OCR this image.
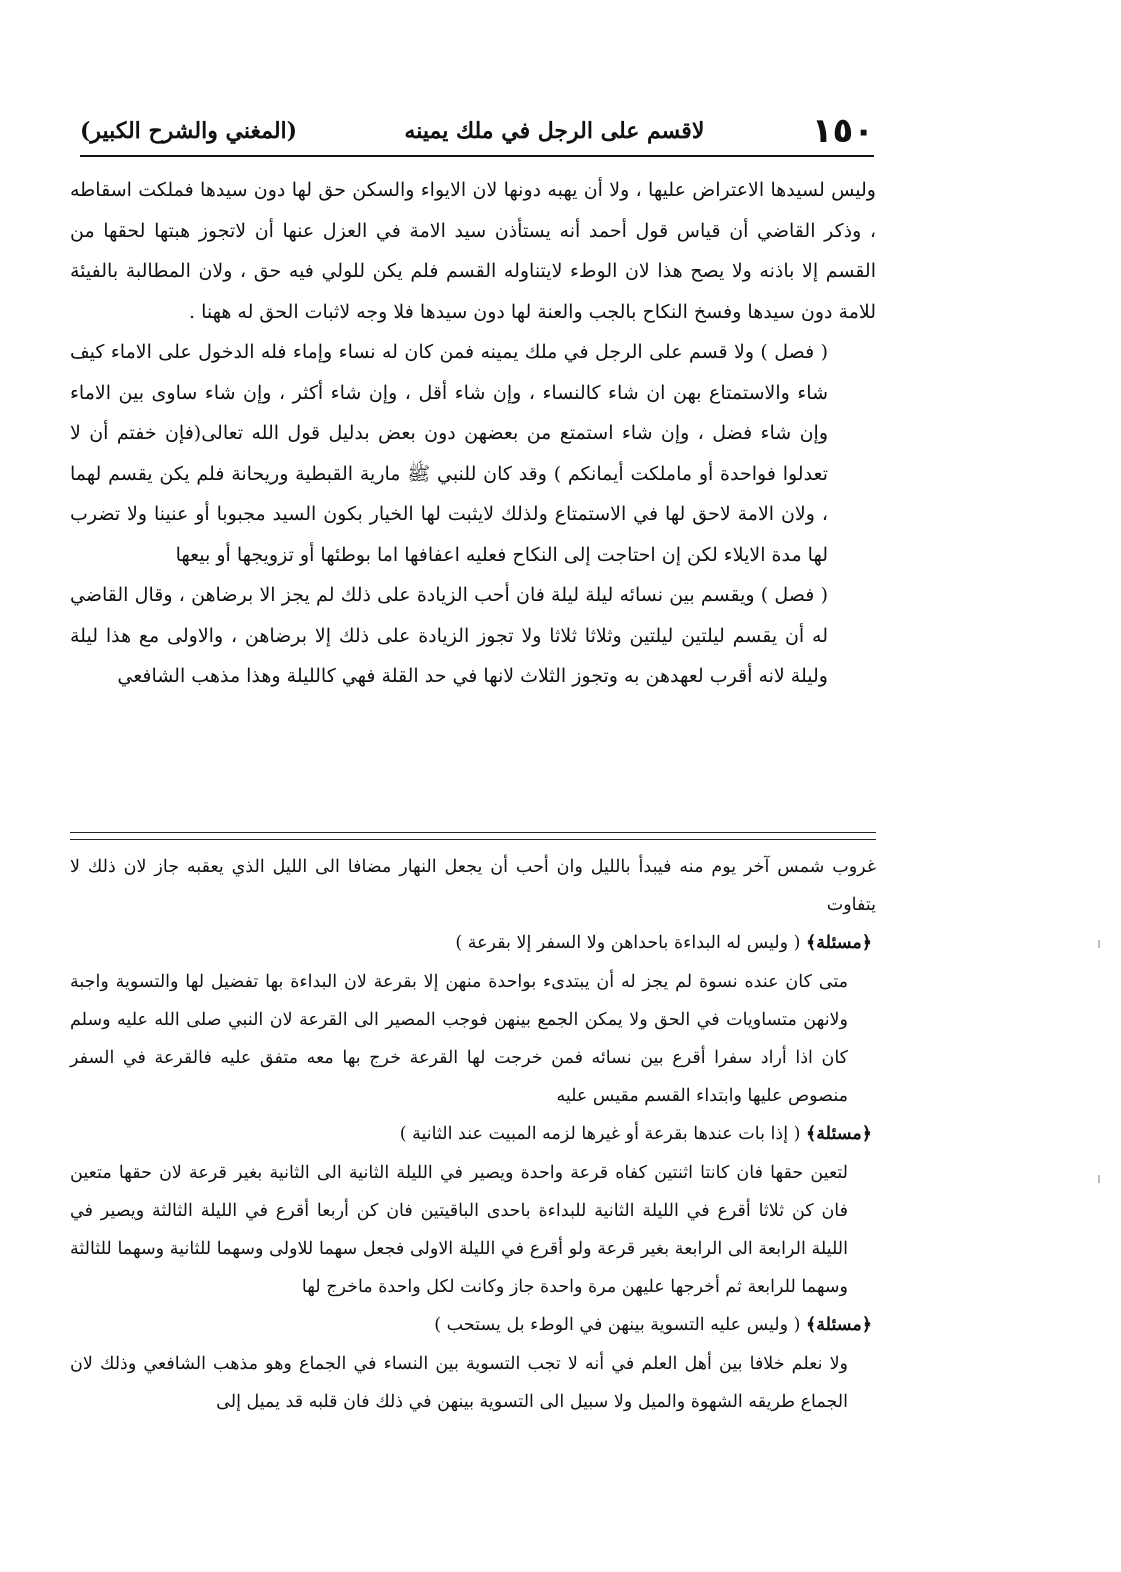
١٥٠
لاقسم على الرجل في ملك يمينه
(المغني والشرح الكبير)

وليس لسيدها الاعتراض عليها ، ولا أن يهبه دونها لان الايواء والسكن حق لها دون سيدها فملكت اسقاطه ، وذكر القاضي أن قياس قول أحمد أنه يستأذن سيد الامة في العزل عنها أن لاتجوز هبتها لحقها من القسم إلا باذنه ولا يصح هذا لان الوطء لايتناوله القسم فلم يكن للولي فيه حق ، ولان المطالبة بالفيئة للامة دون سيدها وفسخ النكاح بالجب والعنة لها دون سيدها فلا وجه لاثبات الحق له ههنا .

( فصل ) ولا قسم على الرجل في ملك يمينه فمن كان له نساء وإماء فله الدخول على الاماء كيف شاء والاستمتاع بهن ان شاء كالنساء ، وإن شاء أقل ، وإن شاء أكثر ، وإن شاء ساوى بين الاماء وإن شاء فضل ، وإن شاء استمتع من بعضهن دون بعض بدليل قول الله تعالى(فإن خفتم أن لا تعدلوا فواحدة أو ماملكت أيمانكم ) وقد كان للنبي ﷺ مارية القبطية وريحانة فلم يكن يقسم لهما ، ولان الامة لاحق لها في الاستمتاع ولذلك لايثبت لها الخيار بكون السيد مجبوبا أو عنينا ولا تضرب لها مدة الايلاء لكن إن احتاجت إلى النكاح فعليه اعفافها اما بوطئها أو تزويجها أو بيعها

( فصل ) ويقسم بين نسائه ليلة ليلة فان أحب الزيادة على ذلك لم يجز الا برضاهن ، وقال القاضي له أن يقسم ليلتين ليلتين وثلاثا ثلاثا ولا تجوز الزيادة على ذلك إلا برضاهن ، والاولى مع هذا ليلة وليلة لانه أقرب لعهدهن به وتجوز الثلاث لانها في حد القلة فهي كالليلة وهذا مذهب الشافعي

غروب شمس آخر يوم منه فيبدأ بالليل وان أحب أن يجعل النهار مضافا الى الليل الذي يعقبه جاز لان ذلك لا يتفاوت

﴿مسئلة﴾ ( وليس له البداءة باحداهن ولا السفر إلا بقرعة )

متى كان عنده نسوة لم يجز له أن يبتدىء بواحدة منهن إلا بقرعة لان البداءة بها تفضيل لها والتسوية واجبة ولانهن متساويات في الحق ولا يمكن الجمع بينهن فوجب المصير الى القرعة لان النبي صلى الله عليه وسلم كان اذا أراد سفرا أقرع بين نسائه فمن خرجت لها القرعة خرج بها معه متفق عليه فالقرعة في السفر منصوص عليها وابتداء القسم مقيس عليه

﴿مسئلة﴾ ( إذا بات عندها بقرعة أو غيرها لزمه المبيت عند الثانية )

لتعين حقها فان كانتا اثنتين كفاه قرعة واحدة ويصير في الليلة الثانية الى الثانية بغير قرعة لان حقها متعين فان كن ثلاثا أقرع في الليلة الثانية للبداءة باحدى الباقيتين فان كن أربعا أقرع في الليلة الثالثة ويصير في الليلة الرابعة الى الرابعة بغير قرعة ولو أقرع في الليلة الاولى فجعل سهما للاولى وسهما للثانية وسهما للثالثة وسهما للرابعة ثم أخرجها عليهن مرة واحدة جاز وكانت لكل واحدة ماخرج لها

﴿مسئلة﴾ ( وليس عليه التسوية بينهن في الوطء بل يستحب )

ولا نعلم خلافا بين أهل العلم في أنه لا تجب التسوية بين النساء في الجماع وهو مذهب الشافعي وذلك لان الجماع طريقه الشهوة والميل ولا سبيل الى التسوية بينهن في ذلك فان قلبه قد يميل إلى
